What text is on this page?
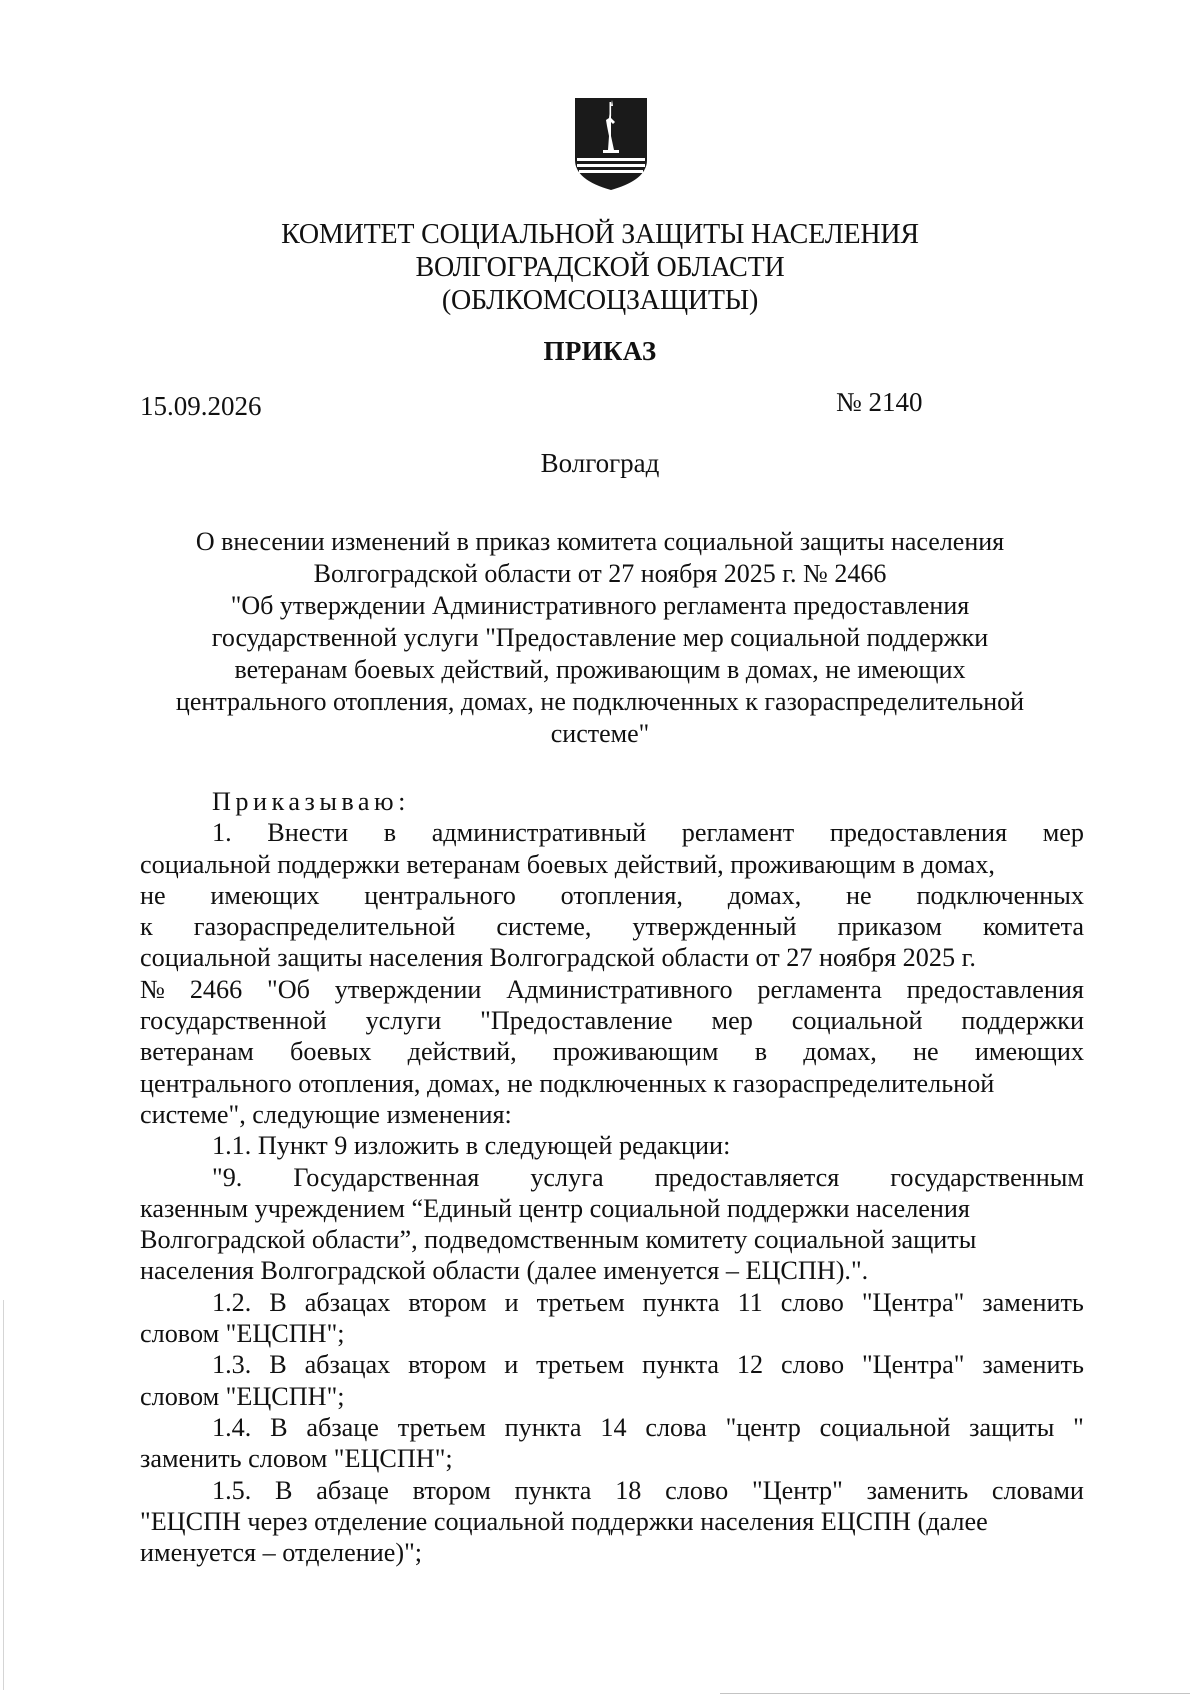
КОМИТЕТ СОЦИАЛЬНОЙ ЗАЩИТЫ НАСЕЛЕНИЯ
ВОЛГОГРАДСКОЙ ОБЛАСТИ
(ОБЛКОМСОЦЗАЩИТЫ)
ПРИКАЗ
15.09.2026	№ 2140
Волгоград
О внесении изменений в приказ комитета социальной защиты населения
Волгоградской области от 27 ноября 2025 г. № 2466
"Об утверждении Административного регламента предоставления
государственной услуги "Предоставление мер социальной поддержки
ветеранам боевых действий, проживающим в домах, не имеющих
центрального отопления, домах, не подключенных к газораспределительной
системе"
Приказываю:
1. Внести в административный регламент предоставления мер
социальной поддержки ветеранам боевых действий, проживающим в домах,
не имеющих центрального отопления, домах, не подключенных
к газораспределительной системе, утвержденный приказом комитета
социальной защиты населения Волгоградской области от 27 ноября 2025 г.
№ 2466 "Об утверждении Административного регламента предоставления
государственной услуги "Предоставление мер социальной поддержки
ветеранам боевых действий, проживающим в домах, не имеющих
центрального отопления, домах, не подключенных к газораспределительной
системе", следующие изменения:
1.1. Пункт 9 изложить в следующей редакции:
"9. Государственная услуга предоставляется государственным
казенным учреждением “Единый центр социальной поддержки населения
Волгоградской области”, подведомственным комитету социальной защиты
населения Волгоградской области (далее именуется – ЕЦСПН).".
1.2. В абзацах втором и третьем пункта 11 слово "Центра" заменить
словом "ЕЦСПН";
1.3. В абзацах втором и третьем пункта 12 слово "Центра" заменить
словом "ЕЦСПН";
1.4. В абзаце третьем пункта 14 слова "центр социальной защиты "
заменить словом "ЕЦСПН";
1.5. В абзаце втором пункта 18 слово "Центр" заменить словами
"ЕЦСПН через отделение социальной поддержки населения ЕЦСПН (далее
именуется – отделение)";
